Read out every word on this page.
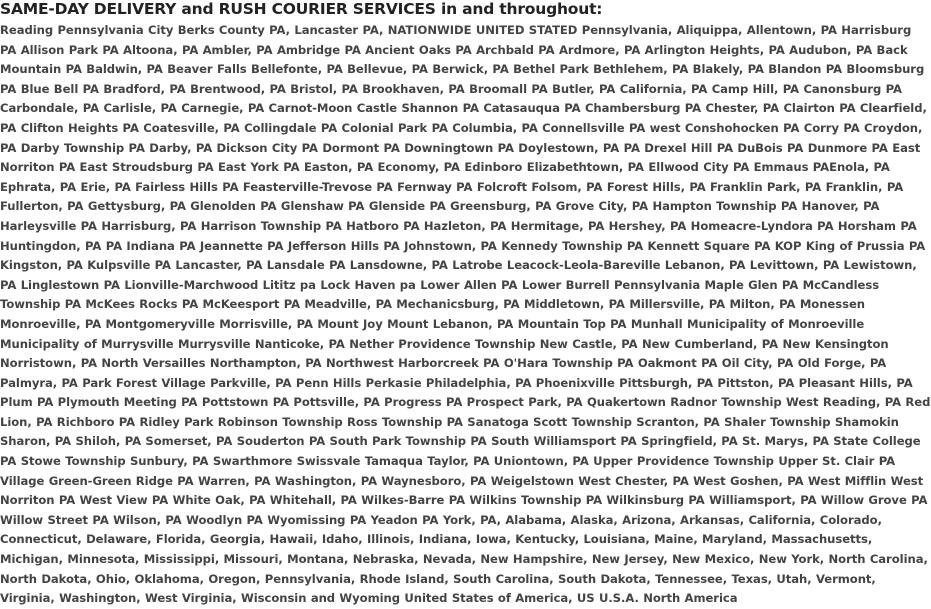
SAME-DAY DELIVERY and RUSH COURIER SERVICES in and throughout:

Reading Pennsylvania City Berks County PA, Lancaster PA, NATIONWIDE UNITED STATED Pennsylvania, Aliquippa, Allentown, PA Harrisburg PA Allison Park PA Altoona, PA Ambler, PA Ambridge PA Ancient Oaks PA Archbald PA Ardmore, PA Arlington Heights, PA Audubon, PA Back Mountain PA Baldwin, PA Beaver Falls Bellefonte, PA Bellevue, PA Berwick, PA Bethel Park Bethlehem, PA Blakely, PA Blandon PA Bloomsburg PA Blue Bell PA Bradford, PA Brentwood, PA Bristol, PA Brookhaven, PA Broomall PA Butler, PA California, PA Camp Hill, PA Canonsburg PA Carbondale, PA Carlisle, PA Carnegie, PA Carnot-Moon Castle Shannon PA Catasauqua PA Chambersburg PA Chester, PA Clairton PA Clearfield, PA Clifton Heights PA Coatesville, PA Collingdale PA Colonial Park PA Columbia, PA Connellsville PA west Conshohocken PA Corry PA Croydon, PA Darby Township PA Darby, PA Dickson City PA Dormont PA Downingtown PA Doylestown, PA PA Drexel Hill PA DuBois PA Dunmore PA East Norriton PA East Stroudsburg PA East York PA Easton, PA Economy, PA Edinboro Elizabethtown, PA Ellwood City PA Emmaus PAEnola, PA Ephrata, PA Erie, PA Fairless Hills PA Feasterville-Trevose PA Fernway PA Folcroft Folsom, PA Forest Hills, PA Franklin Park, PA Franklin, PA Fullerton, PA Gettysburg, PA Glenolden PA Glenshaw PA Glenside PA Greensburg, PA Grove City, PA Hampton Township PA Hanover, PA Harleysville PA Harrisburg, PA Harrison Township PA Hatboro PA Hazleton, PA Hermitage, PA Hershey, PA Homeacre-Lyndora PA Horsham PA Huntingdon, PA PA Indiana PA Jeannette PA Jefferson Hills PA Johnstown, PA Kennedy Township PA Kennett Square PA KOP King of Prussia PA Kingston, PA Kulpsville PA Lancaster, PA Lansdale PA Lansdowne, PA Latrobe Leacock-Leola-Bareville Lebanon, PA Levittown, PA Lewistown, PA Linglestown PA Lionville-Marchwood Lititz pa Lock Haven pa Lower Allen PA Lower Burrell Pennsylvania Maple Glen PA McCandless Township PA McKees Rocks PA McKeesport PA Meadville, PA Mechanicsburg, PA Middletown, PA Millersville, PA Milton, PA Monessen Monroeville, PA Montgomeryville Morrisville, PA Mount Joy Mount Lebanon, PA Mountain Top PA Munhall Municipality of Monroeville Municipality of Murrysville Murrysville Nanticoke, PA Nether Providence Township New Castle, PA New Cumberland, PA New Kensington Norristown, PA North Versailles Northampton, PA Northwest Harborcreek PA O'Hara Township PA Oakmont PA Oil City, PA Old Forge, PA Palmyra, PA Park Forest Village Parkville, PA Penn Hills Perkasie Philadelphia, PA Phoenixville Pittsburgh, PA Pittston, PA Pleasant Hills, PA Plum PA Plymouth Meeting PA Pottstown PA Pottsville, PA Progress PA Prospect Park, PA Quakertown Radnor Township West Reading, PA Red Lion, PA Richboro PA Ridley Park Robinson Township Ross Township PA Sanatoga Scott Township Scranton, PA Shaler Township Shamokin Sharon, PA Shiloh, PA Somerset, PA Souderton PA South Park Township PA South Williamsport PA Springfield, PA St. Marys, PA State College PA Stowe Township Sunbury, PA Swarthmore Swissvale Tamaqua Taylor, PA Uniontown, PA Upper Providence Township Upper St. Clair PA Village Green-Green Ridge PA Warren, PA Washington, PA Waynesboro, PA Weigelstown West Chester, PA West Goshen, PA West Mifflin West Norriton PA West View PA White Oak, PA Whitehall, PA Wilkes-Barre PA Wilkins Township PA Wilkinsburg PA Williamsport, PA Willow Grove PA Willow Street PA Wilson, PA Woodlyn PA Wyomissing PA Yeadon PA York, PA, Alabama, Alaska, Arizona, Arkansas, California, Colorado, Connecticut, Delaware, Florida, Georgia, Hawaii, Idaho, Illinois, Indiana, Iowa, Kentucky, Louisiana, Maine, Maryland, Massachusetts, Michigan, Minnesota, Mississippi, Missouri, Montana, Nebraska, Nevada, New Hampshire, New Jersey, New Mexico, New York, North Carolina, North Dakota, Ohio, Oklahoma, Oregon, Pennsylvania, Rhode Island, South Carolina, South Dakota, Tennessee, Texas, Utah, Vermont, Virginia, Washington, West Virginia, Wisconsin and Wyoming United States of America, US U.S.A. North America
